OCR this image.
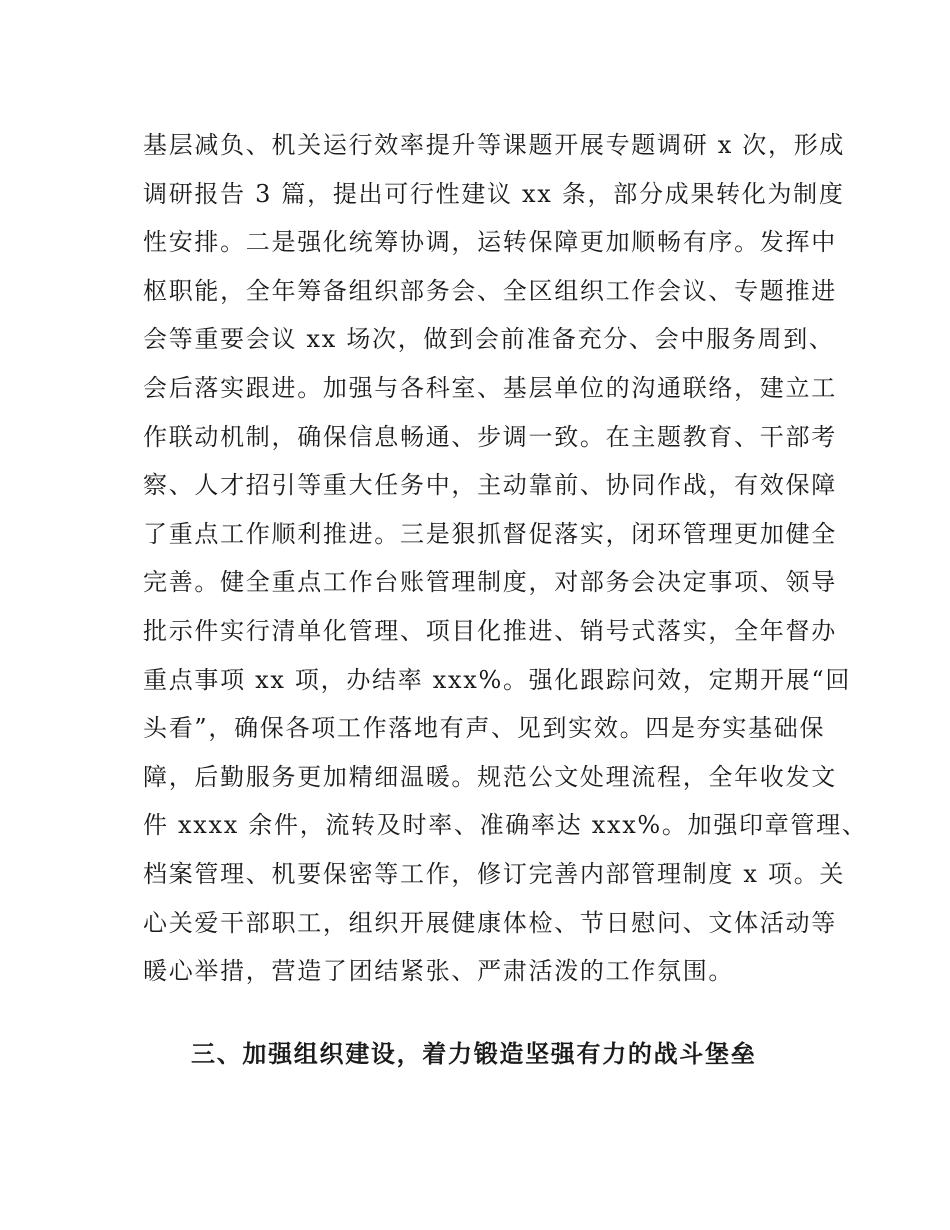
基层减负、机关运行效率提升等课题开展专题调研 x 次，形成
调研报告 3 篇，提出可行性建议 xx 条，部分成果转化为制度
性安排。二是强化统筹协调，运转保障更加顺畅有序。发挥中
枢职能，全年筹备组织部务会、全区组织工作会议、专题推进
会等重要会议 xx 场次，做到会前准备充分、会中服务周到、
会后落实跟进。加强与各科室、基层单位的沟通联络，建立工
作联动机制，确保信息畅通、步调一致。在主题教育、干部考
察、人才招引等重大任务中，主动靠前、协同作战，有效保障
了重点工作顺利推进。三是狠抓督促落实，闭环管理更加健全
完善。健全重点工作台账管理制度，对部务会决定事项、领导
批示件实行清单化管理、项目化推进、销号式落实，全年督办
重点事项 xx 项，办结率 xxx%。强化跟踪问效，定期开展“回
头看”，确保各项工作落地有声、见到实效。四是夯实基础保
障，后勤服务更加精细温暖。规范公文处理流程，全年收发文
件 xxxx 余件，流转及时率、准确率达 xxx%。加强印章管理、
档案管理、机要保密等工作，修订完善内部管理制度 x 项。关
心关爱干部职工，组织开展健康体检、节日慰问、文体活动等
暖心举措，营造了团结紧张、严肃活泼的工作氛围。
三、加强组织建设，着力锻造坚强有力的战斗堡垒
